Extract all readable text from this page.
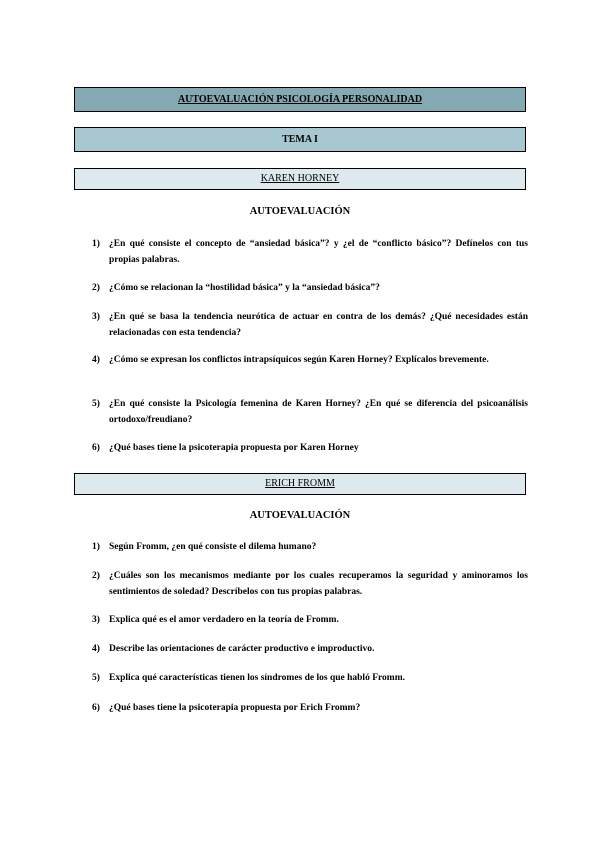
AUTOEVALUACIÓN PSICOLOGÍA PERSONALIDAD
TEMA I
KAREN HORNEY
AUTOEVALUACIÓN
1) ¿En qué consiste el concepto de “ansiedad básica”? y ¿el de “conflicto básico”? Defínelos con tus propias palabras.
2) ¿Cómo se relacionan la “hostilidad básica” y la “ansiedad básica”?
3) ¿En qué se basa la tendencia neurótica de actuar en contra de los demás? ¿Qué necesidades están relacionadas con esta tendencia?
4) ¿Cómo se expresan los conflictos intrapsíquicos según Karen Horney? Explícalos brevemente.
5) ¿En qué consiste la Psicología femenina de Karen Horney? ¿En qué se diferencia del psicoanálisis ortodoxo/freudiano?
6) ¿Qué bases tiene la psicoterapia propuesta por Karen Horney
ERICH FROMM
AUTOEVALUACIÓN
1) Según Fromm, ¿en qué consiste el dilema humano?
2) ¿Cuáles son los mecanismos mediante por los cuales recuperamos la seguridad y aminoramos los sentimientos de soledad? Descríbelos con tus propias palabras.
3) Explica qué es el amor verdadero en la teoría de Fromm.
4) Describe las orientaciones de carácter productivo e improductivo.
5) Explica qué características tienen los síndromes de los que habló Fromm.
6) ¿Qué bases tiene la psicoterapia propuesta por Erich Fromm?
